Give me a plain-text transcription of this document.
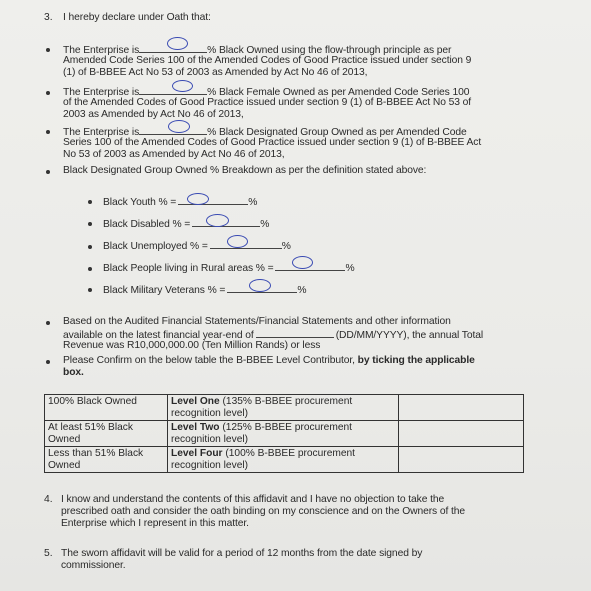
3. I hereby declare under Oath that:
The Enterprise is	% Black Owned using the flow-through principle as per
Amended Code Series 100 of the Amended Codes of Good Practice issued under section 9
(1) of B-BBEE Act No 53 of 2003 as Amended by Act No 46 of 2013,
The Enterprise is	% Black Female Owned as per Amended Code Series 100
of the Amended Codes of Good Practice issued under section 9 (1) of B-BBEE Act No 53 of
2003 as Amended by Act No 46 of 2013,
The Enterprise is	% Black Designated Group Owned as per Amended Code
Series 100 of the Amended Codes of Good Practice issued under section 9 (1) of B-BBEE Act
No 53 of 2003 as Amended by Act No 46 of 2013,
Black Designated Group Owned % Breakdown as per the definition stated above:
Black Youth % =	%
Black Disabled % =	%
Black Unemployed % =	%
Black People living in Rural areas % =	%
Black Military Veterans % =	%
Based on the Audited Financial Statements/Financial Statements and other information
available on the latest financial year-end of	(DD/MM/YYYY), the annual Total
Revenue was R10,000,000.00 (Ten Million Rands) or less
Please Confirm on the below table the B-BBEE Level Contributor, by ticking the applicable
box.
100% Black Owned	Level One (135% B-BBEE procurement recognition level)	
At least 51% Black Owned	Level Two (125% B-BBEE procurement recognition level)	
Less than 51% Black Owned	Level Four (100% B-BBEE procurement recognition level)	
4. I know and understand the contents of this affidavit and I have no objection to take the
prescribed oath and consider the oath binding on my conscience and on the Owners of the
Enterprise which I represent in this matter.
5. The sworn affidavit will be valid for a period of 12 months from the date signed by
commissioner.
